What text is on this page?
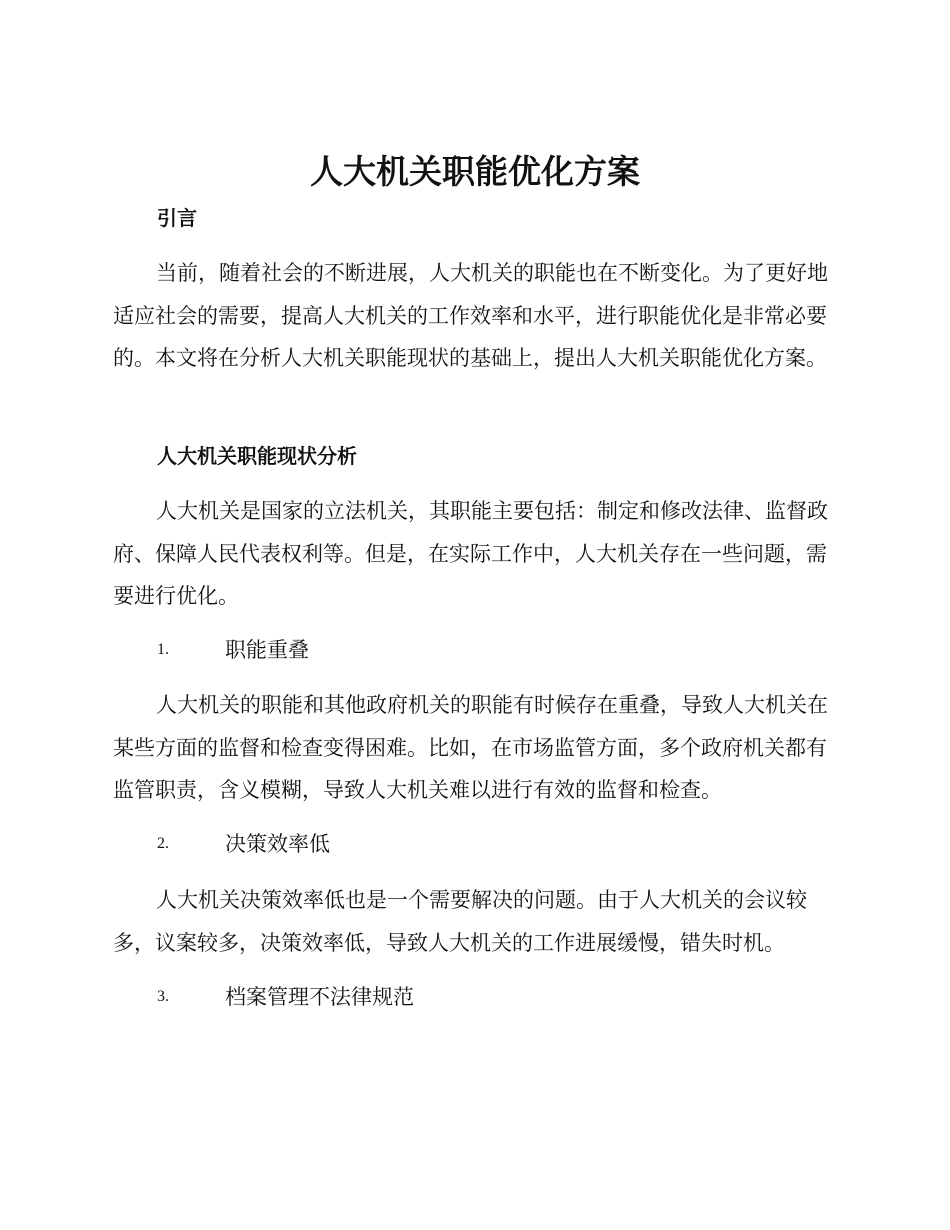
人大机关职能优化方案
引言

当前，随着社会的不断进展，人大机关的职能也在不断变化。为了更好地适应社会的需要，提高人大机关的工作效率和水平，进行职能优化是非常必要的。本文将在分析人大机关职能现状的基础上，提出人大机关职能优化方案。

人大机关职能现状分析

人大机关是国家的立法机关，其职能主要包括：制定和修改法律、监督政府、保障人民代表权利等。但是，在实际工作中，人大机关存在一些问题，需要进行优化。

1.	职能重叠

人大机关的职能和其他政府机关的职能有时候存在重叠，导致人大机关在某些方面的监督和检查变得困难。比如，在市场监管方面，多个政府机关都有监管职责，含义模糊，导致人大机关难以进行有效的监督和检查。

2.	决策效率低

人大机关决策效率低也是一个需要解决的问题。由于人大机关的会议较多，议案较多，决策效率低，导致人大机关的工作进展缓慢，错失时机。

3.	档案管理不法律规范
